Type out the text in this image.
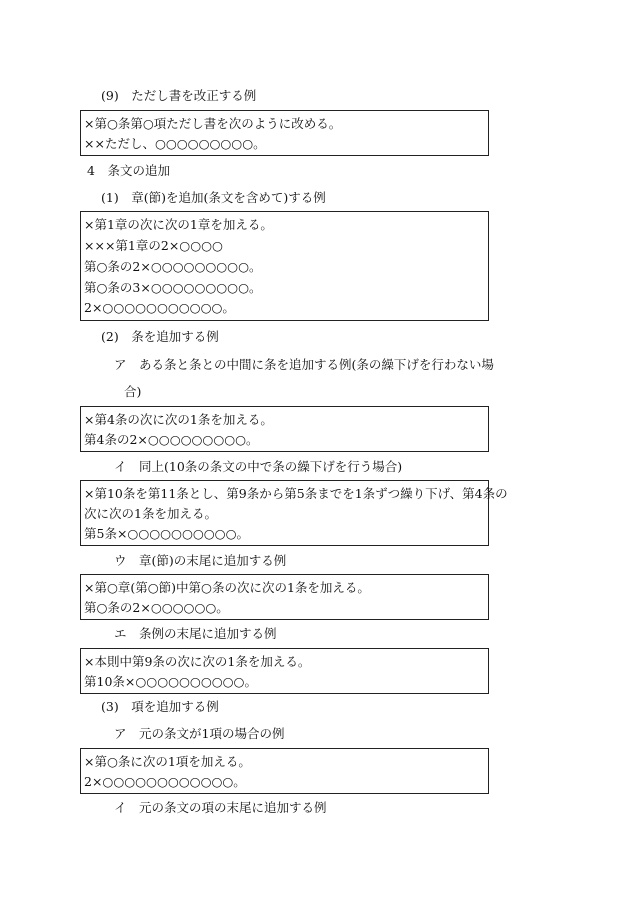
(9)　ただし書を改正する例
×第○条第○項ただし書を次のように改める。
××ただし、○○○○○○○○○。
4　条文の追加
(1)　章(節)を追加(条文を含めて)する例
×第1章の次に次の1章を加える。
×××第1章の2×○○○○
第○条の2×○○○○○○○○○。
第○条の3×○○○○○○○○○。
2×○○○○○○○○○○○。
(2)　条を追加する例
ア　ある条と条との中間に条を追加する例(条の繰下げを行わない場
合)
×第4条の次に次の1条を加える。
第4条の2×○○○○○○○○○。
イ　同上(10条の条文の中で条の繰下げを行う場合)
×第10条を第11条とし、第9条から第5条までを1条ずつ繰り下げ、第4条の
次に次の1条を加える。
第5条×○○○○○○○○○○。
ウ　章(節)の末尾に追加する例
×第○章(第○節)中第○条の次に次の1条を加える。
第○条の2×○○○○○○。
エ　条例の末尾に追加する例
×本則中第9条の次に次の1条を加える。
第10条×○○○○○○○○○○。
(3)　項を追加する例
ア　元の条文が1項の場合の例
×第○条に次の1項を加える。
2×○○○○○○○○○○○○。
イ　元の条文の項の末尾に追加する例
